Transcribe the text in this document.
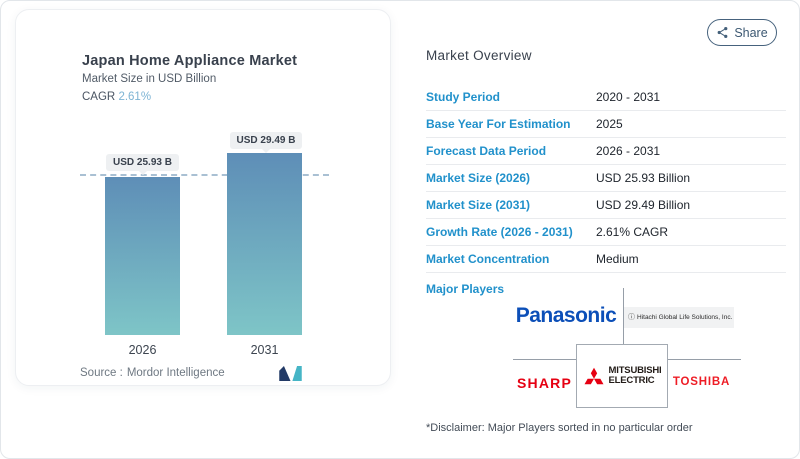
Japan Home Appliance Market
Market Size in USD Billion
CAGR 2.61%
USD 25.93 B
USD 29.49 B
2026	2031
Source : Mordor Intelligence
Share
Market Overview
Study Period	2020 - 2031
Base Year For Estimation	2025
Forecast Data Period	2026 - 2031
Market Size (2026)	USD 25.93 Billion
Market Size (2031)	USD 29.49 Billion
Growth Rate (2026 - 2031)	2.61% CAGR
Market Concentration	Medium
Major Players
Panasonic	ⓘ Hitachi Global Life Solutions, Inc.
MITSUBISHI
ELECTRIC
SHARP	TOSHIBA
*Disclaimer: Major Players sorted in no particular order
